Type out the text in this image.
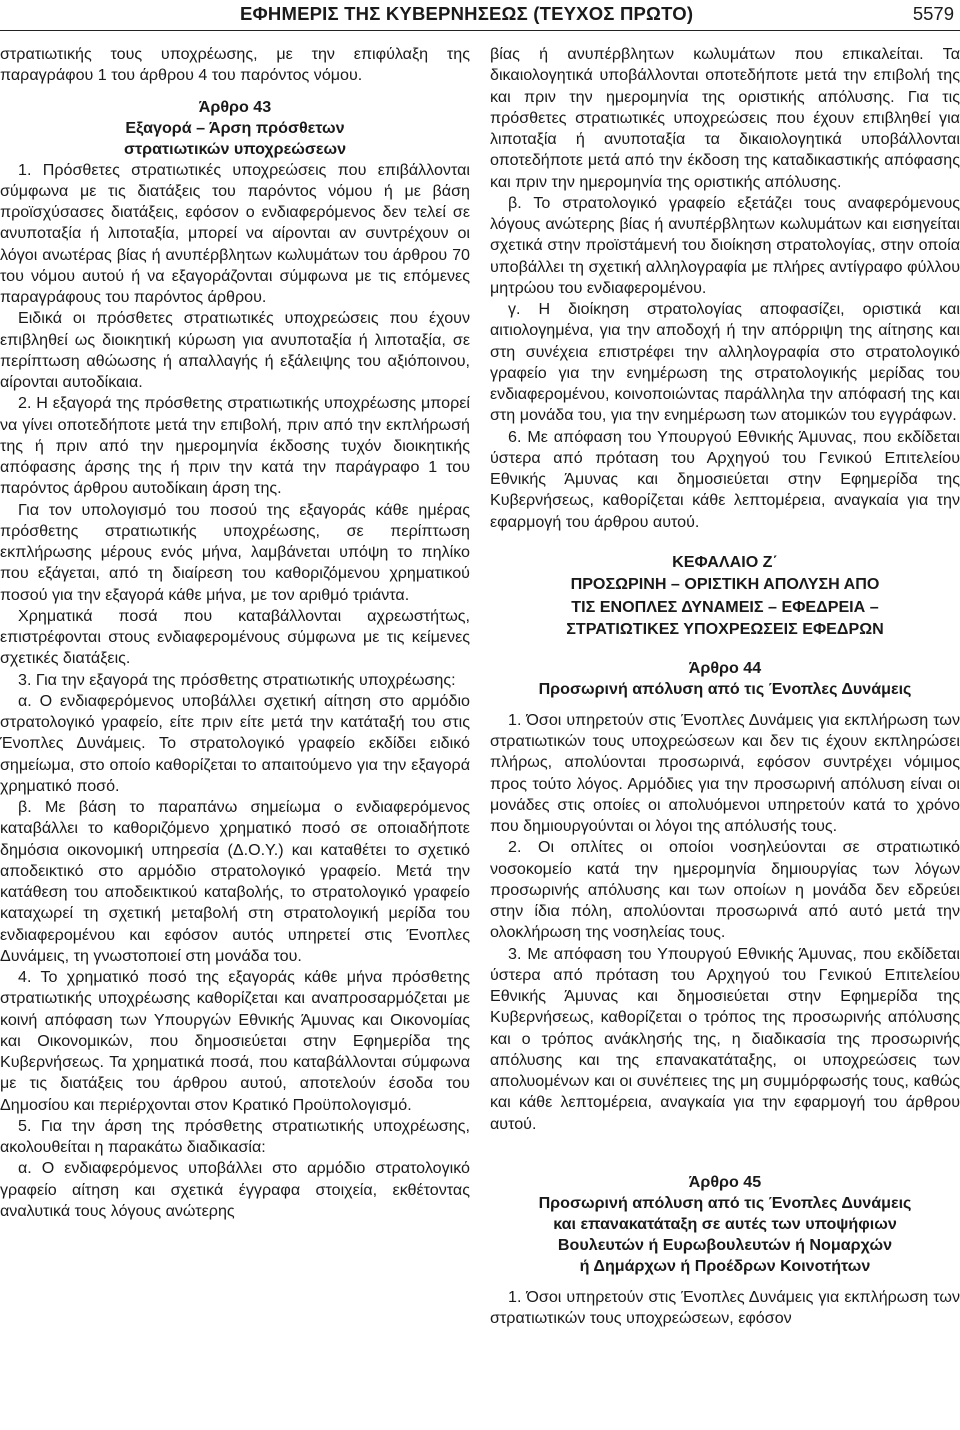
ΕΦΗΜΕΡΙΣ ΤΗΣ ΚΥΒΕΡΝΗΣΕΩΣ (ΤΕΥΧΟΣ ΠΡΩΤΟ)	5579

στρατιωτικής τους υποχρέωσης, με την επιφύλαξη της παραγράφου 1 του άρθρου 4 του παρόντος νόμου.

Άρθρο 43
Εξαγορά – Άρση πρόσθετων
στρατιωτικών υποχρεώσεων

1. Πρόσθετες στρατιωτικές υποχρεώσεις που επιβάλλονται σύμφωνα με τις διατάξεις του παρόντος νόμου ή με βάση προϊσχύσασες διατάξεις, εφόσον ο ενδιαφερόμενος δεν τελεί σε ανυποταξία ή λιποταξία, μπορεί να αίρονται αν συντρέχουν οι λόγοι ανωτέρας βίας ή ανυπέρβλητων κωλυμάτων του άρθρου 70 του νόμου αυτού ή να εξαγοράζονται σύμφωνα με τις επόμενες παραγράφους του παρόντος άρθρου.

Ειδικά οι πρόσθετες στρατιωτικές υποχρεώσεις που έχουν επιβληθεί ως διοικητική κύρωση για ανυποταξία ή λιποταξία, σε περίπτωση αθώωσης ή απαλλαγής ή εξάλειψης του αξιόποινου, αίρονται αυτοδίκαια.

2. Η εξαγορά της πρόσθετης στρατιωτικής υποχρέωσης μπορεί να γίνει οποτεδήποτε μετά την επιβολή, πριν από την εκπλήρωσή της ή πριν από την ημερομηνία έκδοσης τυχόν διοικητικής απόφασης άρσης της ή πριν την κατά την παράγραφο 1 του παρόντος άρθρου αυτοδίκαιη άρση της.

Για τον υπολογισμό του ποσού της εξαγοράς κάθε ημέρας πρόσθετης στρατιωτικής υποχρέωσης, σε περίπτωση εκπλήρωσης μέρους ενός μήνα, λαμβάνεται υπόψη το πηλίκο που εξάγεται, από τη διαίρεση του καθοριζόμενου χρηματικού ποσού για την εξαγορά κάθε μήνα, με τον αριθμό τριάντα.

Χρηματικά ποσά που καταβάλλονται αχρεωστήτως, επιστρέφονται στους ενδιαφερομένους σύμφωνα με τις κείμενες σχετικές διατάξεις.

3. Για την εξαγορά της πρόσθετης στρατιωτικής υποχρέωσης:

α. Ο ενδιαφερόμενος υποβάλλει σχετική αίτηση στο αρμόδιο στρατολογικό γραφείο, είτε πριν είτε μετά την κατάταξή του στις Ένοπλες Δυνάμεις. Το στρατολογικό γραφείο εκδίδει ειδικό σημείωμα, στο οποίο καθορίζεται το απαιτούμενο για την εξαγορά χρηματικό ποσό.

β. Με βάση το παραπάνω σημείωμα ο ενδιαφερόμενος καταβάλλει το καθοριζόμενο χρηματικό ποσό σε οποιαδήποτε δημόσια οικονομική υπηρεσία (Δ.Ο.Υ.) και καταθέτει το σχετικό αποδεικτικό στο αρμόδιο στρατολογικό γραφείο. Μετά την κατάθεση του αποδεικτικού καταβολής, το στρατολογικό γραφείο καταχωρεί τη σχετική μεταβολή στη στρατολογική μερίδα του ενδιαφερομένου και εφόσον αυτός υπηρετεί στις Ένοπλες Δυνάμεις, τη γνωστοποιεί στη μονάδα του.

4. Το χρηματικό ποσό της εξαγοράς κάθε μήνα πρόσθετης στρατιωτικής υποχρέωσης καθορίζεται και αναπροσαρμόζεται με κοινή απόφαση των Υπουργών Εθνικής Άμυνας και Οικονομίας και Οικονομικών, που δημοσιεύεται στην Εφημερίδα της Κυβερνήσεως. Τα χρηματικά ποσά, που καταβάλλονται σύμφωνα με τις διατάξεις του άρθρου αυτού, αποτελούν έσοδα του Δημοσίου και περιέρχονται στον Κρατικό Προϋπολογισμό.

5. Για την άρση της πρόσθετης στρατιωτικής υποχρέωσης, ακολουθείται η παρακάτω διαδικασία:

α. Ο ενδιαφερόμενος υποβάλλει στο αρμόδιο στρατολογικό γραφείο αίτηση και σχετικά έγγραφα στοιχεία, εκθέτοντας αναλυτικά τους λόγους ανώτερης

βίας ή ανυπέρβλητων κωλυμάτων που επικαλείται. Τα δικαιολογητικά υποβάλλονται οποτεδήποτε μετά την επιβολή της και πριν την ημερομηνία της οριστικής απόλυσης. Για τις πρόσθετες στρατιωτικές υποχρεώσεις που έχουν επιβληθεί για λιποταξία ή ανυποταξία τα δικαιολογητικά υποβάλλονται οποτεδήποτε μετά από την έκδοση της καταδικαστικής απόφασης και πριν την ημερομηνία της οριστικής απόλυσης.

β. Το στρατολογικό γραφείο εξετάζει τους αναφερόμενους λόγους ανώτερης βίας ή ανυπέρβλητων κωλυμάτων και εισηγείται σχετικά στην προϊστάμενή του διοίκηση στρατολογίας, στην οποία υποβάλλει τη σχετική αλληλογραφία με πλήρες αντίγραφο φύλλου μητρώου του ενδιαφερομένου.

γ. Η διοίκηση στρατολογίας αποφασίζει, οριστικά και αιτιολογημένα, για την αποδοχή ή την απόρριψη της αίτησης και στη συνέχεια επιστρέφει την αλληλογραφία στο στρατολογικό γραφείο για την ενημέρωση της στρατολογικής μερίδας του ενδιαφερομένου, κοινοποιώντας παράλληλα την απόφασή της και στη μονάδα του, για την ενημέρωση των ατομικών του εγγράφων.

6. Με απόφαση του Υπουργού Εθνικής Άμυνας, που εκδίδεται ύστερα από πρόταση του Αρχηγού του Γενικού Επιτελείου Εθνικής Άμυνας και δημοσιεύεται στην Εφημερίδα της Κυβερνήσεως, καθορίζεται κάθε λεπτομέρεια, αναγκαία για την εφαρμογή του άρθρου αυτού.

ΚΕΦΑΛΑΙΟ Ζ΄
ΠΡΟΣΩΡΙΝΗ – ΟΡΙΣΤΙΚΗ ΑΠΟΛΥΣΗ ΑΠΟ
ΤΙΣ ΕΝΟΠΛΕΣ ΔΥΝΑΜΕΙΣ – ΕΦΕΔΡΕΙΑ –
ΣΤΡΑΤΙΩΤΙΚΕΣ ΥΠΟΧΡΕΩΣΕΙΣ ΕΦΕΔΡΩΝ
Άρθρο 44
Προσωρινή απόλυση από τις Ένοπλες Δυνάμεις

1. Όσοι υπηρετούν στις Ένοπλες Δυνάμεις για εκπλήρωση των στρατιωτικών τους υποχρεώσεων και δεν τις έχουν εκπληρώσει πλήρως, απολύονται προσωρινά, εφόσον συντρέχει νόμιμος προς τούτο λόγος. Αρμόδιες για την προσωρινή απόλυση είναι οι μονάδες στις οποίες οι απολυόμενοι υπηρετούν κατά το χρόνο που δημιουργούνται οι λόγοι της απόλυσής τους.

2. Οι οπλίτες οι οποίοι νοσηλεύονται σε στρατιωτικό νοσοκομείο κατά την ημερομηνία δημιουργίας των λόγων προσωρινής απόλυσης και των οποίων η μονάδα δεν εδρεύει στην ίδια πόλη, απολύονται προσωρινά από αυτό μετά την ολοκλήρωση της νοσηλείας τους.

3. Με απόφαση του Υπουργού Εθνικής Άμυνας, που εκδίδεται ύστερα από πρόταση του Αρχηγού του Γενικού Επιτελείου Εθνικής Άμυνας και δημοσιεύεται στην Εφημερίδα της Κυβερνήσεως, καθορίζεται ο τρόπος της προσωρινής απόλυσης και ο τρόπος ανάκλησής της, η διαδικασία της προσωρινής απόλυσης και της επανακατάταξης, οι υποχρεώσεις των απολυομένων και οι συνέπειες της μη συμμόρφωσής τους, καθώς και κάθε λεπτομέρεια, αναγκαία για την εφαρμογή του άρθρου αυτού.

Άρθρο 45
Προσωρινή απόλυση από τις Ένοπλες Δυνάμεις
και επανακατάταξη σε αυτές των υποψήφιων
Βουλευτών ή Ευρωβουλευτών ή Νομαρχών
ή Δημάρχων ή Προέδρων Κοινοτήτων

1. Όσοι υπηρετούν στις Ένοπλες Δυνάμεις για εκπλήρωση των στρατιωτικών τους υποχρεώσεων, εφόσον
